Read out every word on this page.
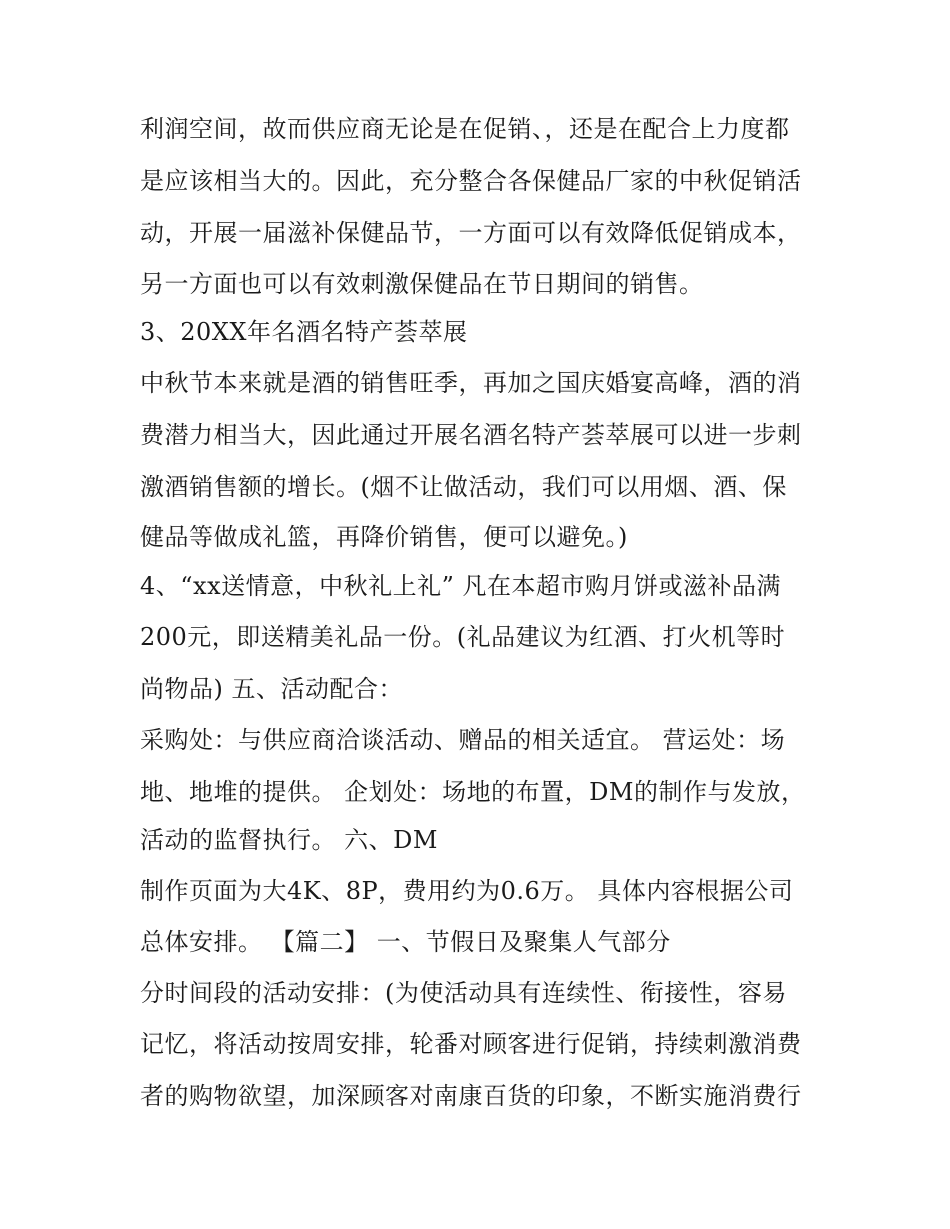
利润空间，故而供应商无论是在促销、，还是在配合上力度都
是应该相当大的。因此，充分整合各保健品厂家的中秋促销活
动，开展一届滋补保健品节，一方面可以有效降低促销成本，
另一方面也可以有效刺激保健品在节日期间的销售。
3、20XX年名酒名特产荟萃展
中秋节本来就是酒的销售旺季，再加之国庆婚宴高峰，酒的消
费潜力相当大，因此通过开展名酒名特产荟萃展可以进一步刺
激酒销售额的增长。(烟不让做活动，我们可以用烟、酒、保
健品等做成礼篮，再降价销售，便可以避免。)
4、“xx送情意，中秋礼上礼” 凡在本超市购月饼或滋补品满
200元，即送精美礼品一份。(礼品建议为红酒、打火机等时
尚物品) 五、活动配合：
采购处：与供应商洽谈活动、赠品的相关适宜。 营运处：场
地、地堆的提供。 企划处：场地的布置，DM的制作与发放，
活动的监督执行。 六、DM
制作页面为大4K、8P，费用约为0.6万。 具体内容根据公司
总体安排。 【篇二】 一、节假日及聚集人气部分
分时间段的活动安排：(为使活动具有连续性、衔接性，容易
记忆，将活动按周安排，轮番对顾客进行促销，持续刺激消费
者的购物欲望，加深顾客对南康百货的印象，不断实施消费行
